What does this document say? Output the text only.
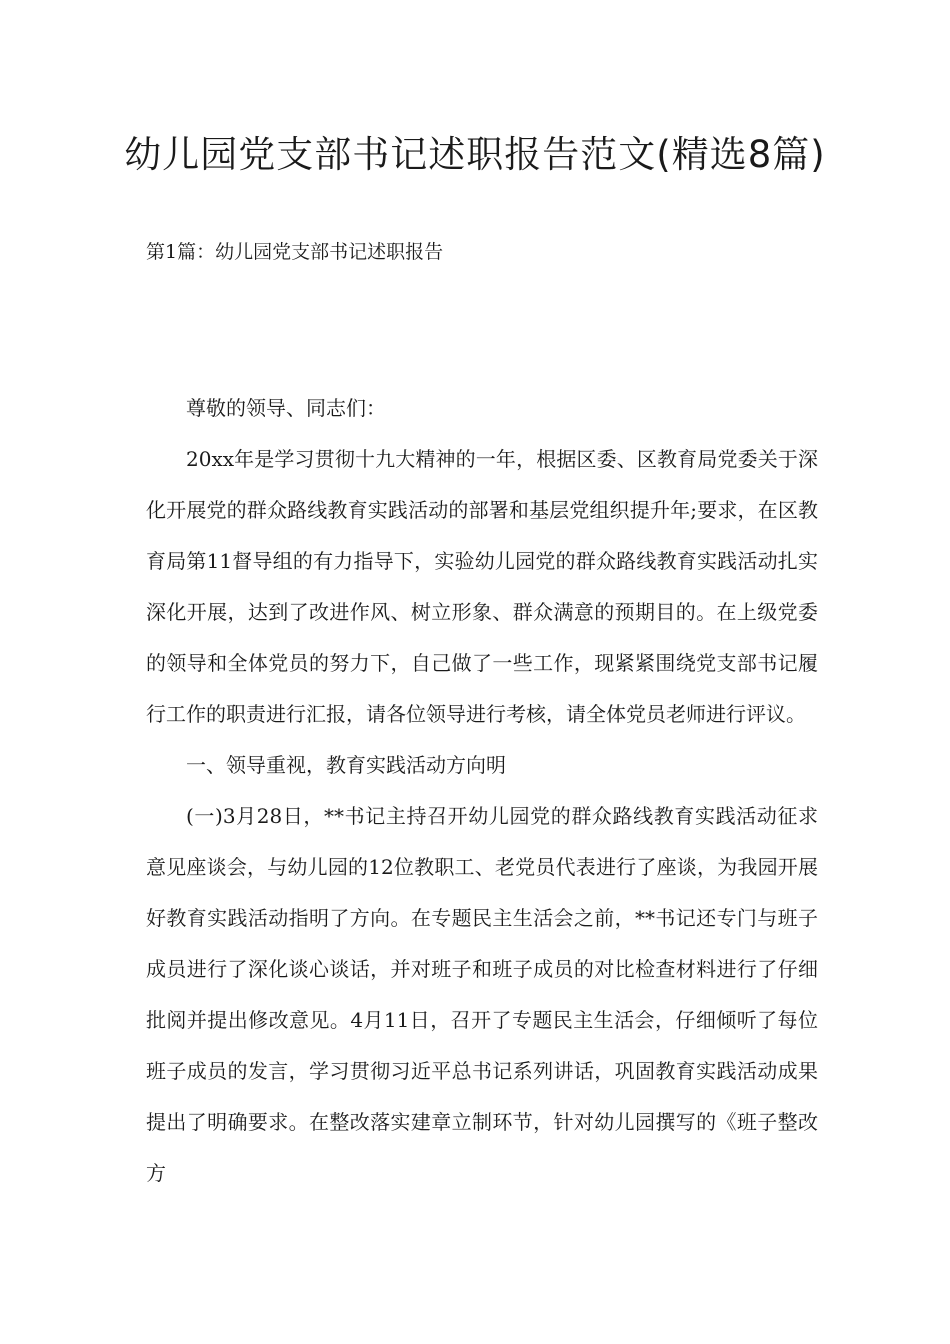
幼儿园党支部书记述职报告范文(精选8篇)

第1篇：幼儿园党支部书记述职报告

尊敬的领导、同志们：

20xx年是学习贯彻十九大精神的一年，根据区委、区教育局党委关于深化开展党的群众路线教育实践活动的部署和基层党组织提升年;要求，在区教育局第11督导组的有力指导下，实验幼儿园党的群众路线教育实践活动扎实深化开展，达到了改进作风、树立形象、群众满意的预期目的。在上级党委的领导和全体党员的努力下，自己做了一些工作，现紧紧围绕党支部书记履行工作的职责进行汇报，请各位领导进行考核，请全体党员老师进行评议。

一、领导重视，教育实践活动方向明

(一)3月28日，**书记主持召开幼儿园党的群众路线教育实践活动征求意见座谈会，与幼儿园的12位教职工、老党员代表进行了座谈，为我园开展好教育实践活动指明了方向。在专题民主生活会之前，**书记还专门与班子成员进行了深化谈心谈话，并对班子和班子成员的对比检查材料进行了仔细批阅并提出修改意见。4月11日，召开了专题民主生活会，仔细倾听了每位班子成员的发言，学习贯彻习近平总书记系列讲话，巩固教育实践活动成果提出了明确要求。在整改落实建章立制环节，针对幼儿园撰写的《班子整改方
